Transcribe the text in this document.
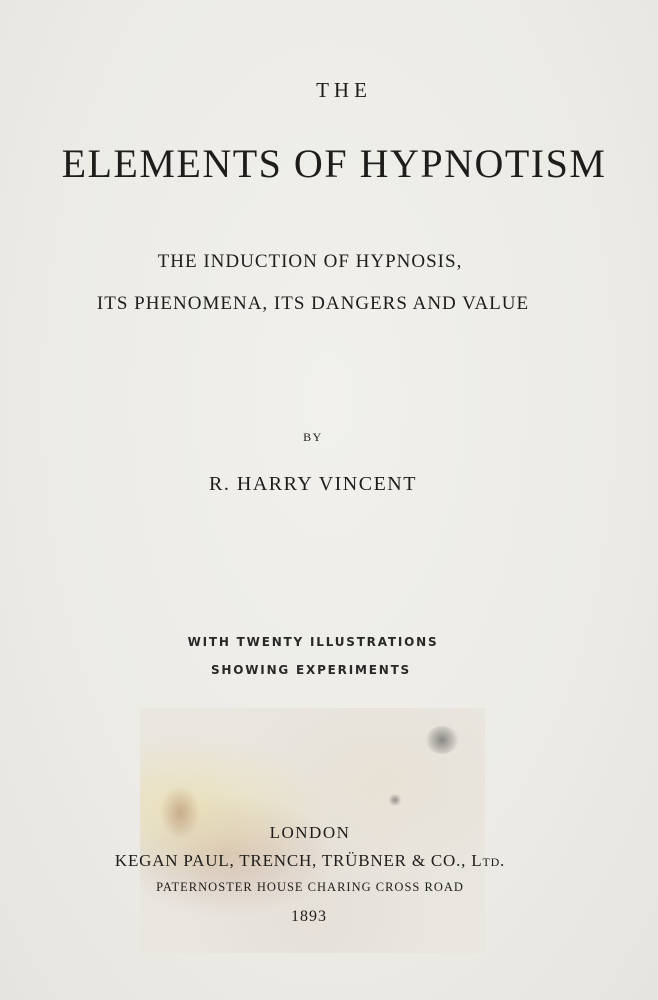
THE
ELEMENTS OF HYPNOTISM
THE INDUCTION OF HYPNOSIS,
ITS PHENOMENA, ITS DANGERS AND VALUE
BY
R. HARRY VINCENT
WITH TWENTY ILLUSTRATIONS
SHOWING EXPERIMENTS
LONDON
KEGAN PAUL, TRENCH, TRÜBNER & CO., Ltd.
PATERNOSTER HOUSE CHARING CROSS ROAD
1893
